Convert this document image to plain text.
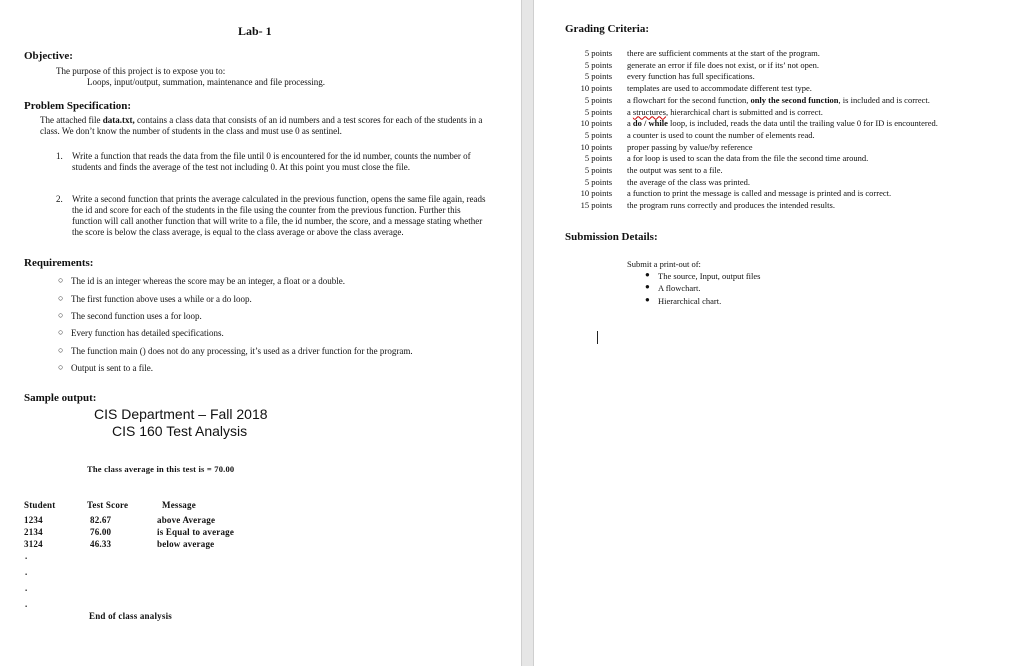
Lab- 1
Objective:
The purpose of this project is to expose you to:
Loops, input/output, summation, maintenance and file processing.
Problem Specification:
The attached file data.txt, contains a class data that consists of an id numbers and a test scores for each of the students in a class. We don’t know the number of students in the class and must use 0 as sentinel.
1. Write a function that reads the data from the file until 0 is encountered for the id number, counts the number of students and finds the average of the test not including 0. At this point you must close the file.
2. Write a second function that prints the average calculated in the previous function, opens the same file again, reads the id and score for each of the students in the file using the counter from the previous function. Further this function will call another function that will write to a file, the id number, the score, and a message stating whether the score is below the class average, is equal to the class average or above the class average.
Requirements:
○ The id is an integer whereas the score may be an integer, a float or a double.
○ The first function above uses a while or a do loop.
○ The second function uses a for loop.
○ Every function has detailed specifications.
○ The function main () does not do any processing, it’s used as a driver function for the program.
○ Output is sent to a file.
Sample output:
CIS Department – Fall 2018
CIS 160 Test Analysis
The class average in this test is = 70.00
Student	Test Score	Message
1234	82.67	above Average
2134	76.00	is Equal to average
3124	46.33	below average
.
.
.
.
End of class analysis
Grading Criteria:
5 points there are sufficient comments at the start of the program.
5 points generate an error if file does not exist, or if its’ not open.
5 points every function has full specifications.
10 points templates are used to accommodate different test type.
5 points a flowchart for the second function, only the second function, is included and is correct.
5 points a structures, hierarchical chart is submitted and is correct.
10 points a do / while loop, is included, reads the data until the trailing value 0 for ID is encountered.
5 points a counter is used to count the number of elements read.
10 points proper passing by value/by reference
5 points a for loop is used to scan the data from the file the second time around.
5 points the output was sent to a file.
5 points the average of the class was printed.
10 points a function to print the message is called and message is printed and is correct.
15 points the program runs correctly and produces the intended results.
Submission Details:
Submit a print-out of:
● The source, Input, output files
● A flowchart.
● Hierarchical chart.
